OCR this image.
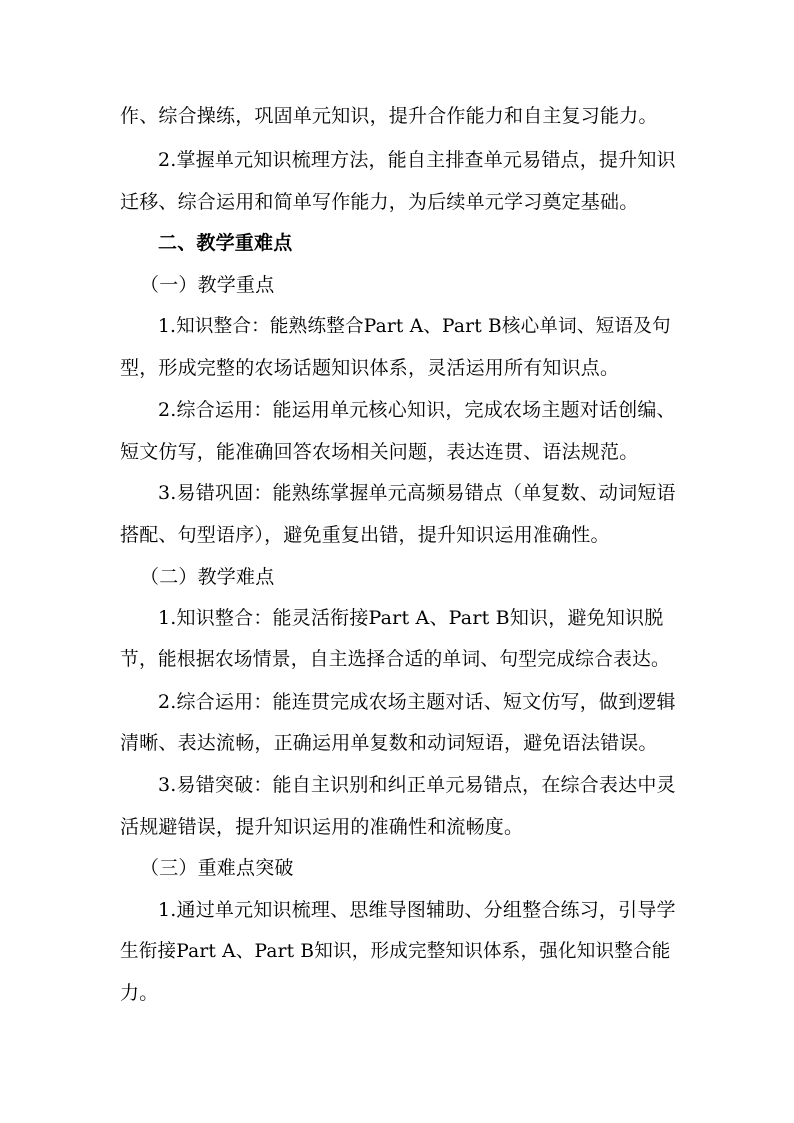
作、综合操练，巩固单元知识，提升合作能力和自主复习能力。
2.掌握单元知识梳理方法，能自主排查单元易错点，提升知识
迁移、综合运用和简单写作能力，为后续单元学习奠定基础。
二、教学重难点
（一）教学重点
1.知识整合：能熟练整合Part A、Part B核心单词、短语及句
型，形成完整的农场话题知识体系，灵活运用所有知识点。
2.综合运用：能运用单元核心知识，完成农场主题对话创编、
短文仿写，能准确回答农场相关问题，表达连贯、语法规范。
3.易错巩固：能熟练掌握单元高频易错点（单复数、动词短语
搭配、句型语序），避免重复出错，提升知识运用准确性。
（二）教学难点
1.知识整合：能灵活衔接Part A、Part B知识，避免知识脱
节，能根据农场情景，自主选择合适的单词、句型完成综合表达。
2.综合运用：能连贯完成农场主题对话、短文仿写，做到逻辑
清晰、表达流畅，正确运用单复数和动词短语，避免语法错误。
3.易错突破：能自主识别和纠正单元易错点，在综合表达中灵
活规避错误，提升知识运用的准确性和流畅度。
（三）重难点突破
1.通过单元知识梳理、思维导图辅助、分组整合练习，引导学
生衔接Part A、Part B知识，形成完整知识体系，强化知识整合能
力。
